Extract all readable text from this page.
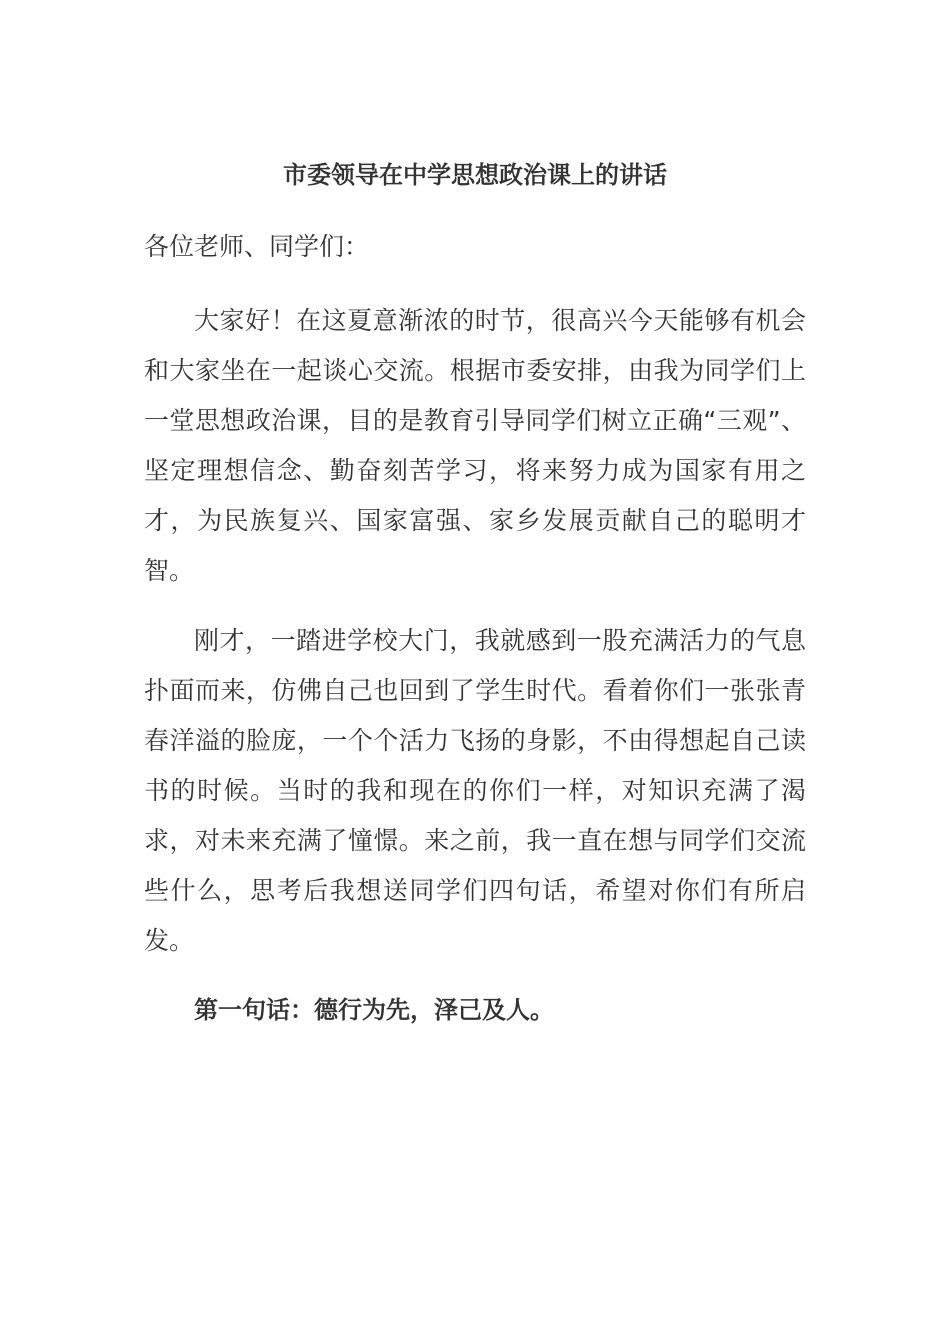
市委领导在中学思想政治课上的讲话
各位老师、同学们：
大家好！在这夏意渐浓的时节，很高兴今天能够有机会和大家坐在一起谈心交流。根据市委安排，由我为同学们上一堂思想政治课，目的是教育引导同学们树立正确“三观”、坚定理想信念、勤奋刻苦学习，将来努力成为国家有用之才，为民族复兴、国家富强、家乡发展贡献自己的聪明才智。
刚才，一踏进学校大门，我就感到一股充满活力的气息扑面而来，仿佛自己也回到了学生时代。看着你们一张张青春洋溢的脸庞，一个个活力飞扬的身影，不由得想起自己读书的时候。当时的我和现在的你们一样，对知识充满了渴求，对未来充满了憧憬。来之前，我一直在想与同学们交流些什么，思考后我想送同学们四句话，希望对你们有所启发。
第一句话：德行为先，泽己及人。
